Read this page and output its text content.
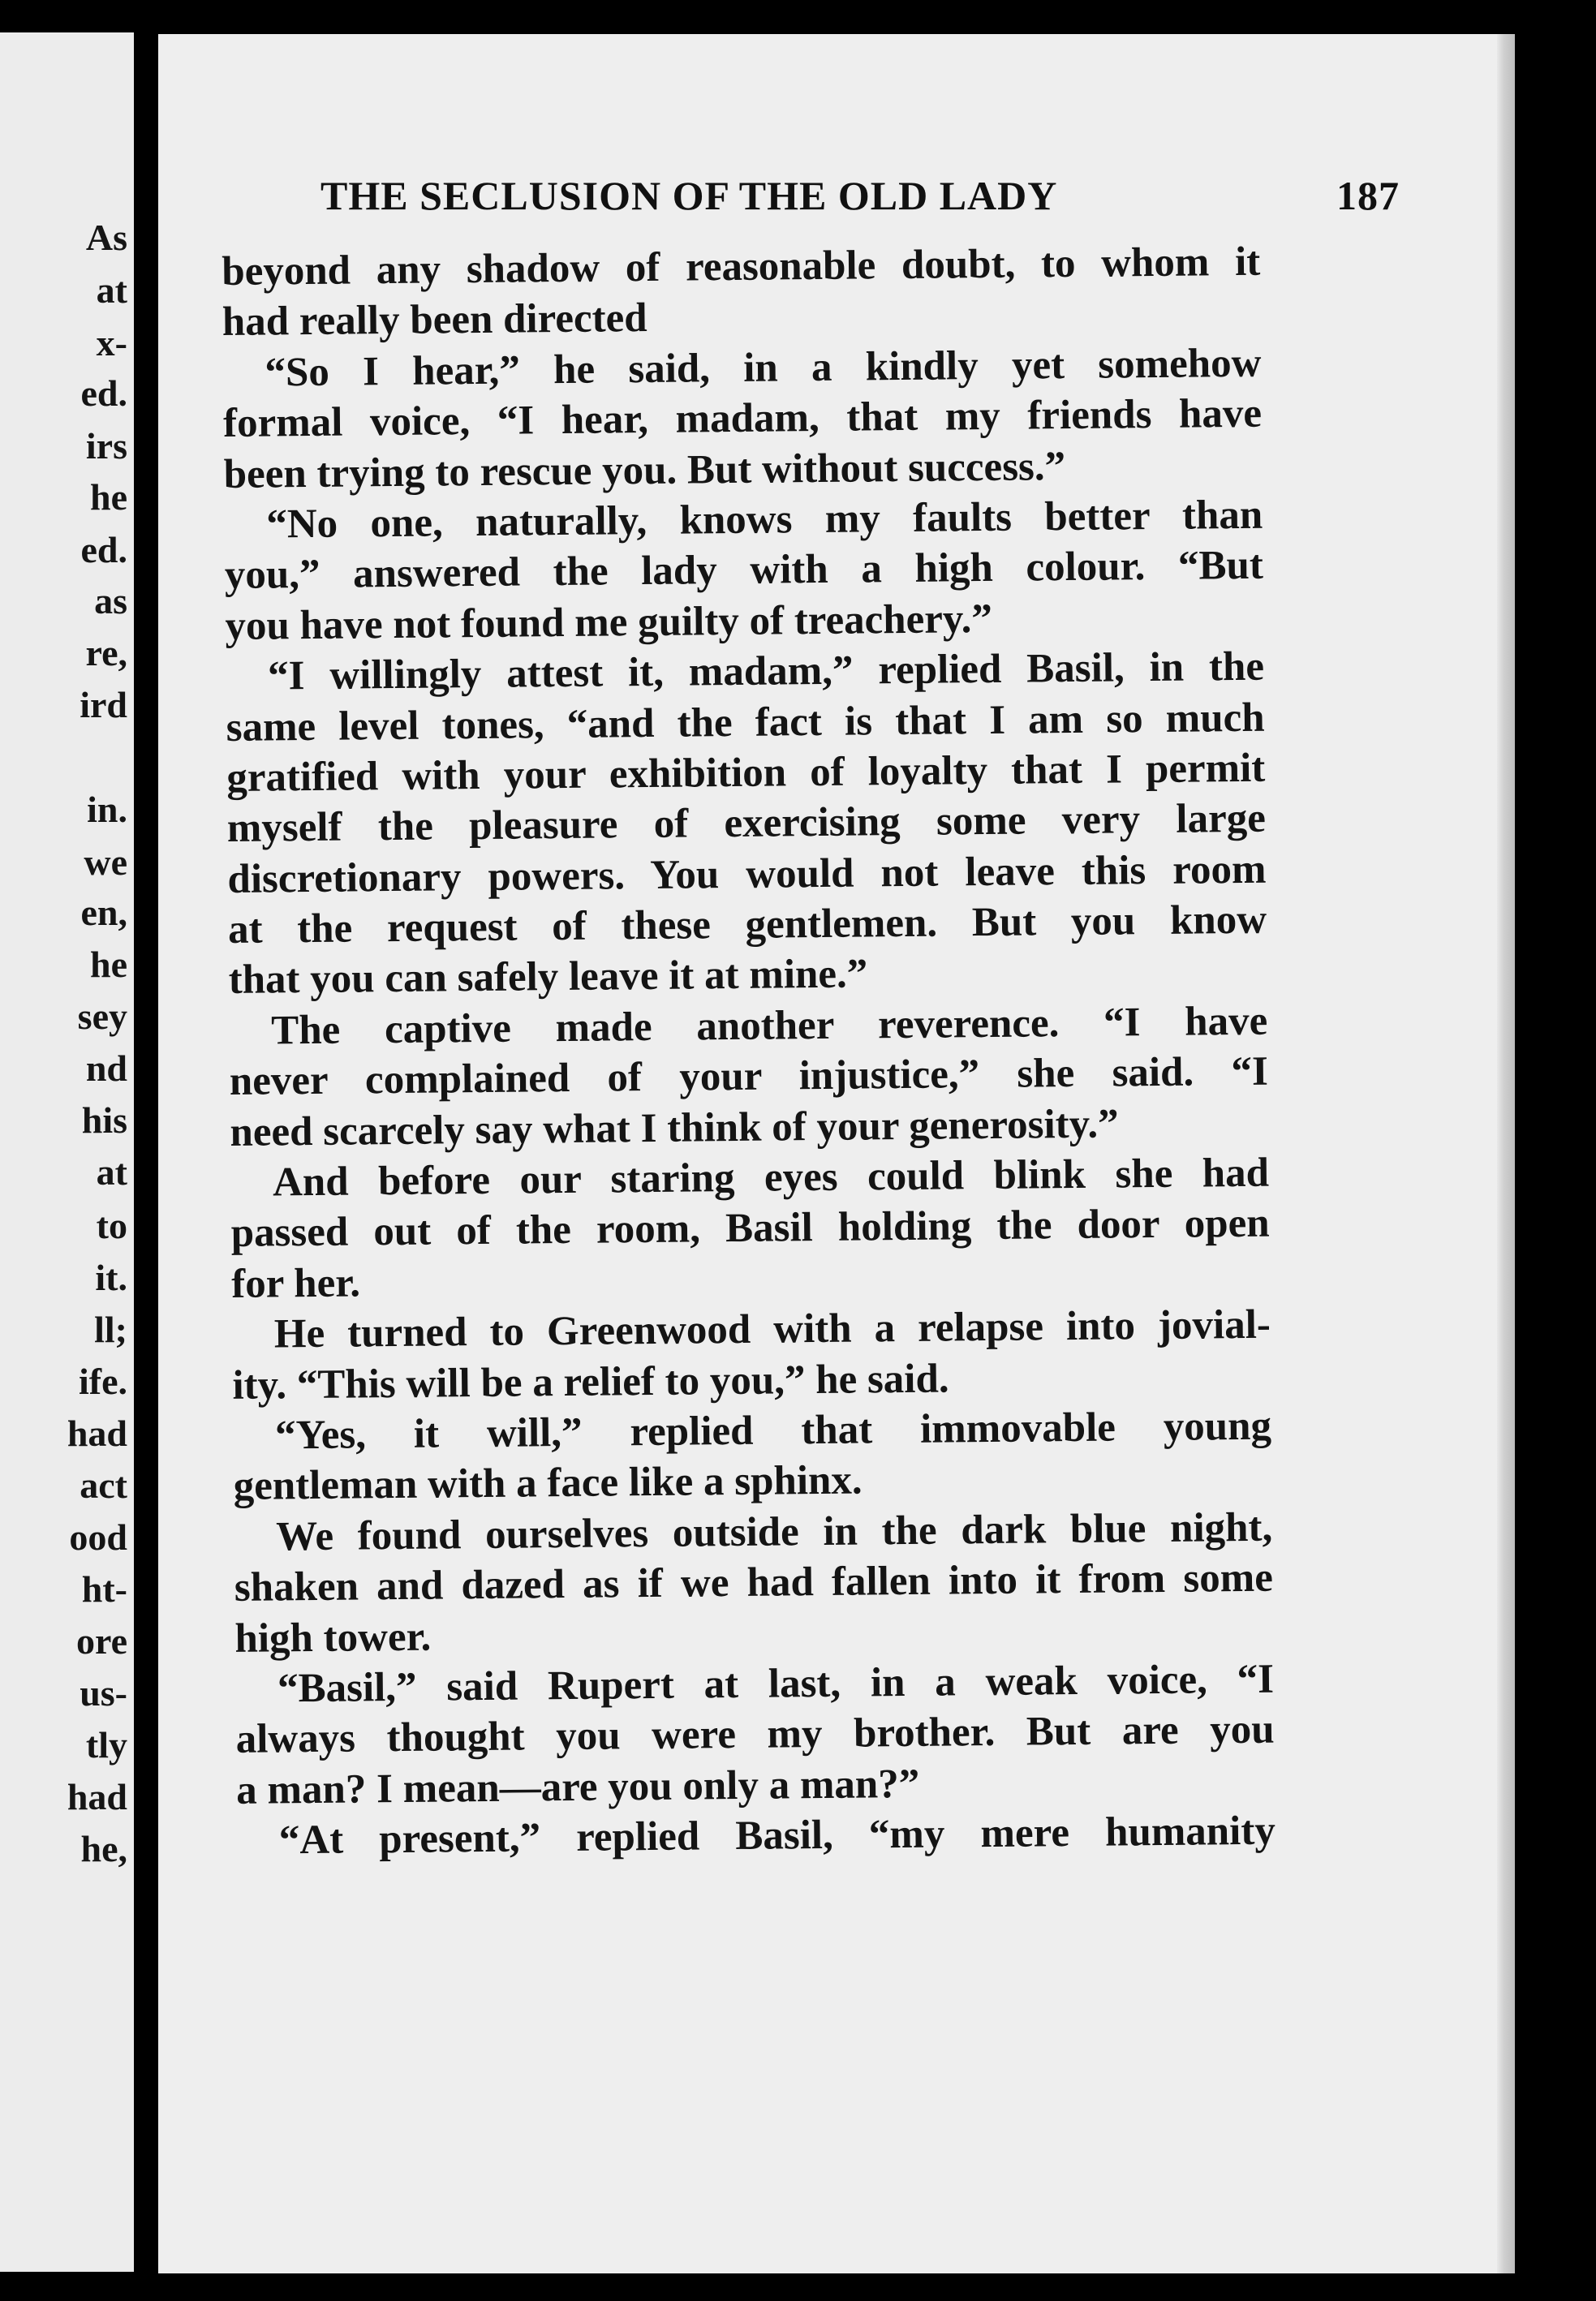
As
at
x-
ed.
irs
he
ed.
as
re,
ird
in.
we
en,
he
sey
nd
his
at
to
it.
ll;
ife.
had
act
ood
ht-
ore
us-
tly
had
he,
THE SECLUSION OF THE OLD LADY	187
beyond any shadow of reasonable doubt, to whom it
had really been directed
“So I hear,” he said, in a kindly yet somehow
formal voice, “I hear, madam, that my friends have
been trying to rescue you. But without success.”
“No one, naturally, knows my faults better than
you,” answered the lady with a high colour. “But
you have not found me guilty of treachery.”
“I willingly attest it, madam,” replied Basil, in the
same level tones, “and the fact is that I am so much
gratified with your exhibition of loyalty that I permit
myself the pleasure of exercising some very large
discretionary powers. You would not leave this room
at the request of these gentlemen. But you know
that you can safely leave it at mine.”
The captive made another reverence. “I have
never complained of your injustice,” she said. “I
need scarcely say what I think of your generosity.”
And before our staring eyes could blink she had
passed out of the room, Basil holding the door open
for her.
He turned to Greenwood with a relapse into jovial-
ity. “This will be a relief to you,” he said.
“Yes, it will,” replied that immovable young
gentleman with a face like a sphinx.
We found ourselves outside in the dark blue night,
shaken and dazed as if we had fallen into it from some
high tower.
“Basil,” said Rupert at last, in a weak voice, “I
always thought you were my brother. But are you
a man? I mean—are you only a man?”
“At present,” replied Basil, “my mere humanity
